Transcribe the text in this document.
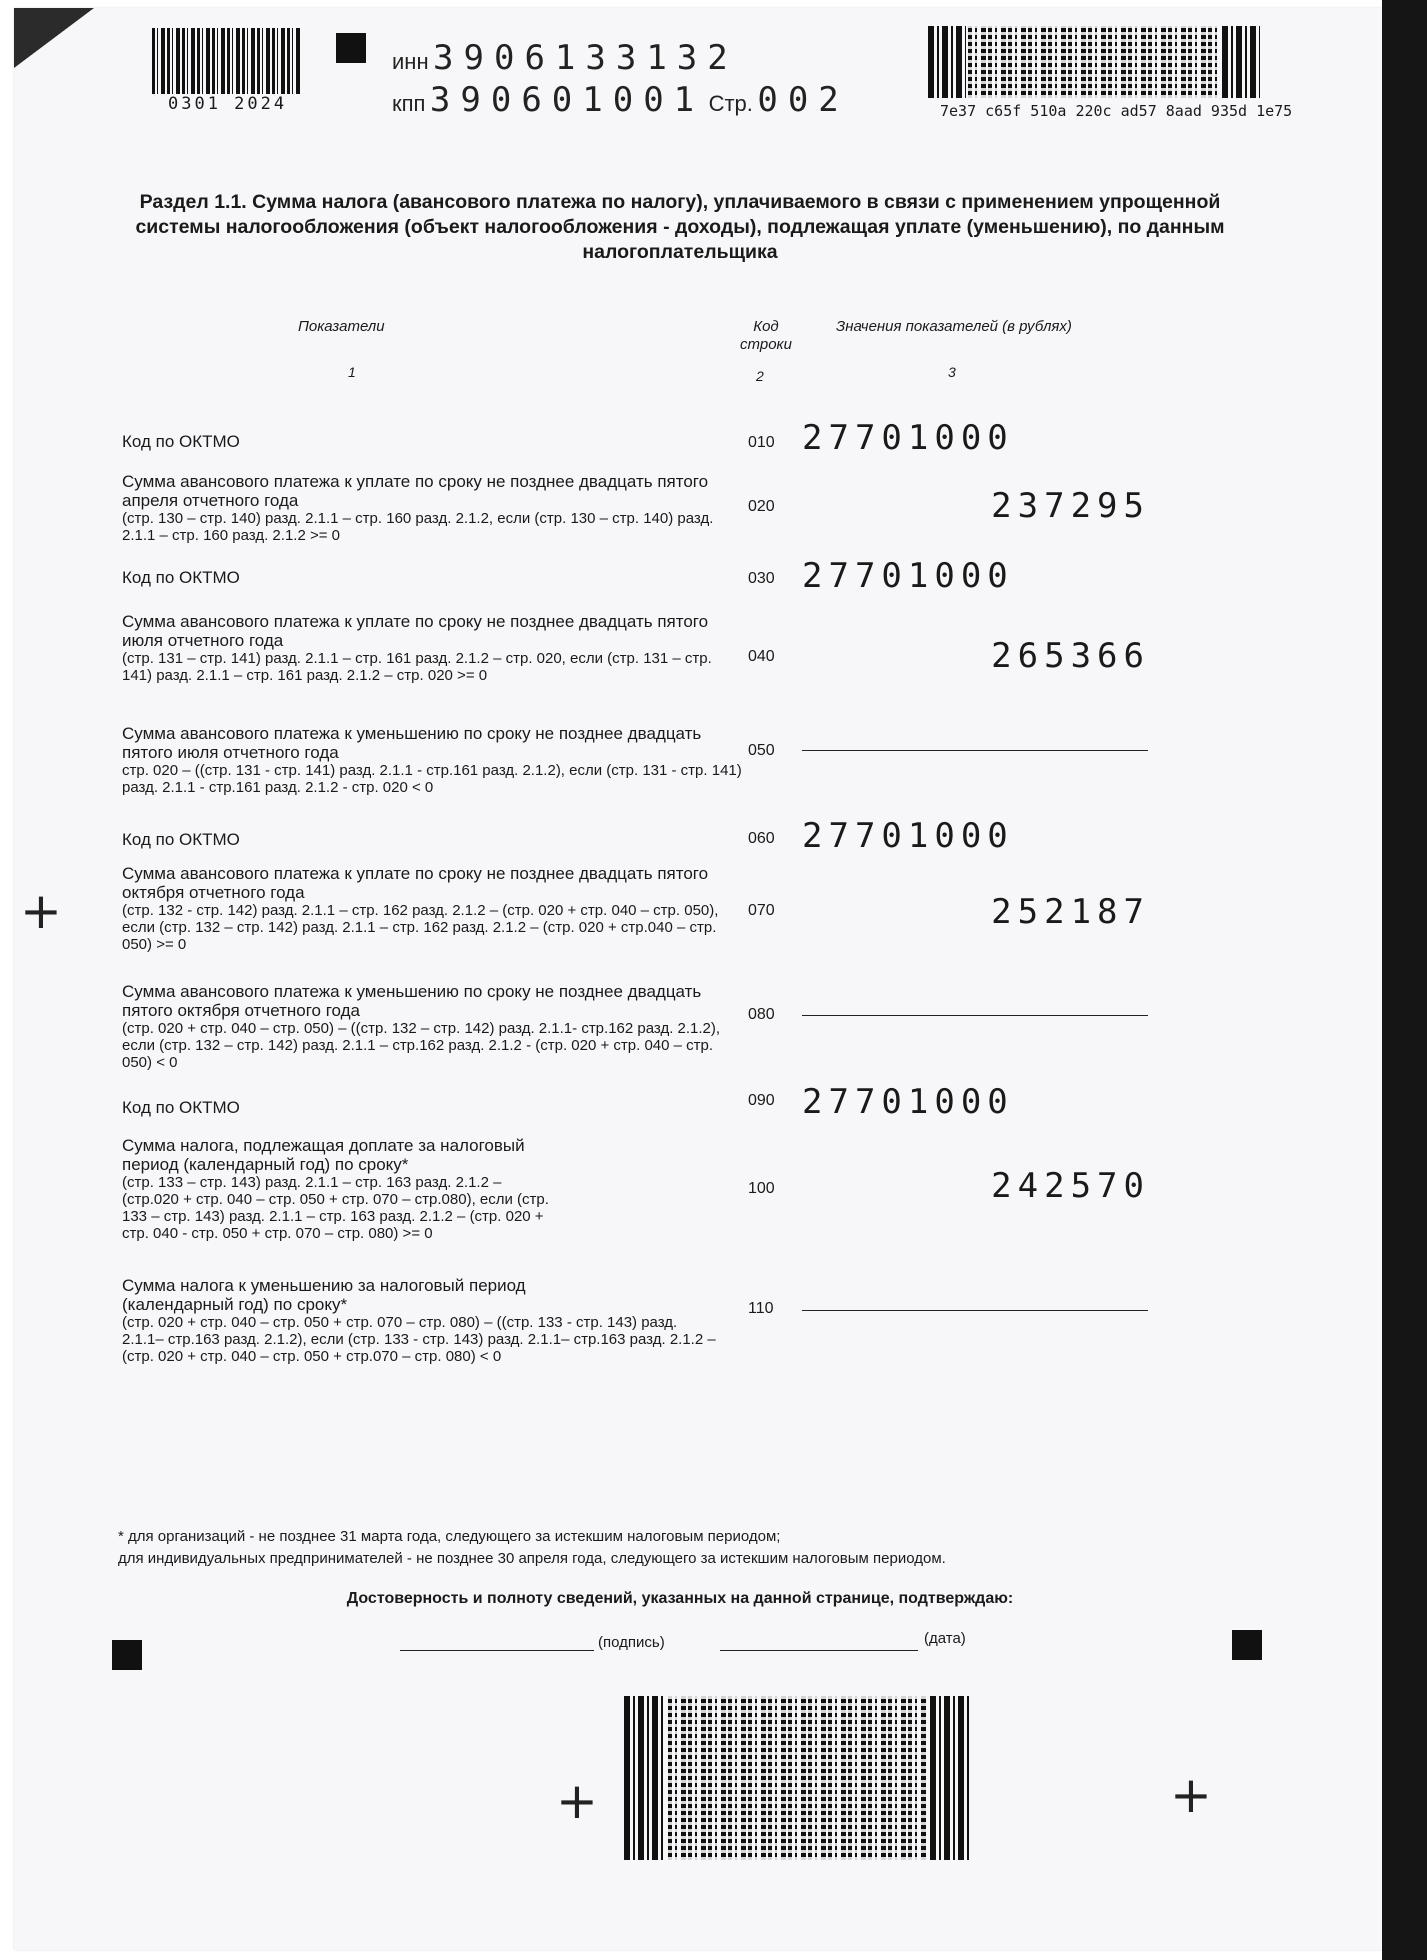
0301 2024
инн 3906133132
кпп 390601001 Стр. 002	7e37 c65f 510a 220c ad57 8aad 935d 1e75
Раздел 1.1. Сумма налога (авансового платежа по налогу), уплачиваемого в связи с применением упрощенной системы налогообложения (объект налогообложения - доходы), подлежащая уплате (уменьшению), по данным налогоплательщика
Показатели	Код
строки
Значения показателей (в рублях)
1	2	3
Код по ОКТМО	010 27701000
Сумма авансового платежа к уплате по сроку не позднее двадцать пятого апреля отчетного года
(стр. 130 – стр. 140) разд. 2.1.1 – стр. 160 разд. 2.1.2, если (стр. 130 – стр. 140) разд. 2.1.1 – стр. 160 разд. 2.1.2 >= 0
020	237295
Код по ОКТМО	030 27701000
Сумма авансового платежа к уплате по сроку не позднее двадцать пятого июля отчетного года
(стр. 131 – стр. 141) разд. 2.1.1 – стр. 161 разд. 2.1.2 – стр. 020, если (стр. 131 – стр. 141) разд. 2.1.1 – стр. 161 разд. 2.1.2 – стр. 020 >= 0
040	265366
Сумма авансового платежа к уменьшению по сроку не позднее двадцать пятого июля отчетного года
стр. 020 – ((стр. 131 - стр. 141) разд. 2.1.1 - стр.161 разд. 2.1.2), если (стр. 131 - стр. 141) разд. 2.1.1 - стр.161 разд. 2.1.2 - стр. 020 < 0
050
Код по ОКТМО	060 27701000
Сумма авансового платежа к уплате по сроку не позднее двадцать пятого октября отчетного года
(стр. 132 - стр. 142) разд. 2.1.1 – стр. 162 разд. 2.1.2 – (стр. 020 + стр. 040 – стр. 050), если (стр. 132 – стр. 142) разд. 2.1.1 – стр. 162 разд. 2.1.2 – (стр. 020 + стр.040 – стр. 050) >= 0
070	252187
Сумма авансового платежа к уменьшению по сроку не позднее двадцать пятого октября отчетного года
(стр. 020 + стр. 040 – стр. 050) – ((стр. 132 – стр. 142) разд. 2.1.1- стр.162 разд. 2.1.2), если (стр. 132 – стр. 142) разд. 2.1.1 – стр.162 разд. 2.1.2 - (стр. 020 + стр. 040 – стр. 050) < 0
080
Код по ОКТМО	090 27701000
Сумма налога, подлежащая доплате за налоговый период (календарный год) по сроку*
(стр. 133 – стр. 143) разд. 2.1.1 – стр. 163 разд. 2.1.2 – (стр.020 + стр. 040 – стр. 050 + стр. 070 – стр.080), если (стр. 133 – стр. 143) разд. 2.1.1 – стр. 163 разд. 2.1.2 – (стр. 020 + стр. 040 - стр. 050 + стр. 070 – стр. 080) >= 0
100	242570
Сумма налога к уменьшению за налоговый период (календарный год) по сроку*
(стр. 020 + стр. 040 – стр. 050 + стр. 070 – стр. 080) – ((стр. 133 - стр. 143) разд. 2.1.1– стр.163 разд. 2.1.2), если (стр. 133 - стр. 143) разд. 2.1.1– стр.163 разд. 2.1.2 – (стр. 020 + стр. 040 – стр. 050 + стр.070 – стр. 080) < 0
110
* для организаций - не позднее 31 марта года, следующего за истекшим налоговым периодом;
для индивидуальных предпринимателей - не позднее 30 апреля года, следующего за истекшим налоговым периодом.
Достоверность и полноту сведений, указанных на данной странице, подтверждаю:
(подпись)	(дата)
+
+	+
